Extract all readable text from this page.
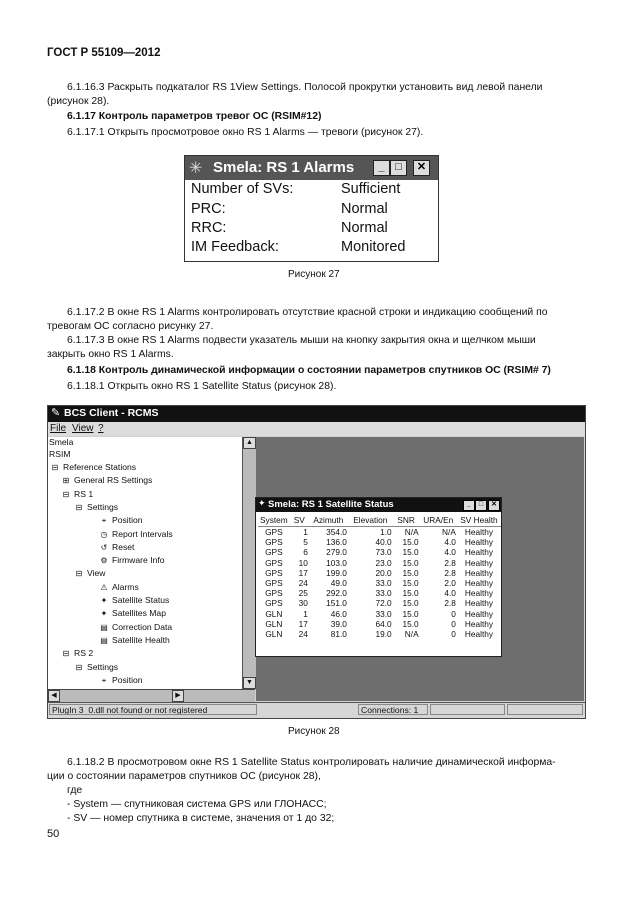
ГОСТ Р 55109—2012
6.1.16.3 Раскрыть подкаталог RS 1View Settings. Полосой прокрутки установить вид левой панели
(рисунок 28).
6.1.17 Контроль параметров тревог ОС (RSIM#12)
6.1.17.1 Открыть просмотровое окно RS 1 Alarms — тревоги (рисунок 27).
✳ Smela: RS 1 Alarms	_ □	✕
Number of SVs:	Sufficient
PRC:	Normal
RRC:	Normal
IM Feedback:	Monitored
Рисунок 27
6.1.17.2 В окне RS 1 Alarms контролировать отсутствие красной строки и индикацию сообщений по
тревогам ОС согласно рисунку 27.
6.1.17.3 В окне RS 1 Alarms подвести указатель мыши на кнопку закрытия окна и щелчком мыши
закрыть окно RS 1 Alarms.
6.1.18 Контроль динамической информации о состоянии параметров спутников ОС (RSIM# 7)
6.1.18.1 Открыть окно RS 1 Satellite Status (рисунок 28).
✎ BCS Client - RCMS
File View ?
Smela
RSIM
⊟ Reference Stations
⊞ General RS Settings
⊟ RS 1
⊟ Settings
⌖ Position
◷ Report Intervals
↺ Reset
⚙ Firmware Info
⊟ View
⚠ Alarms
✦ Satellite Status
✦ Satellites Map
▤ Correction Data
▤ Satellite Health
⊟ RS 2
⊟ Settings
⌖ Position
▲
▼
◀	▶
PlugIn 3_0.dll not found or not registered	Connections: 1
✦ Smela: RS 1 Satellite Status	_	□	✕
System	SV	Azimuth	Elevation	SNR	URA/En	SV Health
GPS	1	354.0	1.0	N/A	N/A	Healthy
GPS	5	136.0	40.0	15.0	4.0	Healthy
GPS	6	279.0	73.0	15.0	4.0	Healthy
GPS	10	103.0	23.0	15.0	2.8	Healthy
GPS	17	199.0	20.0	15.0	2.8	Healthy
GPS	24	49.0	33.0	15.0	2.0	Healthy
GPS	25	292.0	33.0	15.0	4.0	Healthy
GPS	30	151.0	72.0	15.0	2.8	Healthy
GLN	1	46.0	33.0	15.0	0	Healthy
GLN	17	39.0	64.0	15.0	0	Healthy
GLN	24	81.0	19.0	N/A	0	Healthy
Рисунок 28
6.1.18.2 В просмотровом окне RS 1 Satellite Status контролировать наличие динамической информа-
ции о состоянии параметров спутников ОС (рисунок 28),
где
- System — спутниковая система GPS или ГЛОНАСС;
- SV — номер спутника в системе, значения от 1 до 32;
50
